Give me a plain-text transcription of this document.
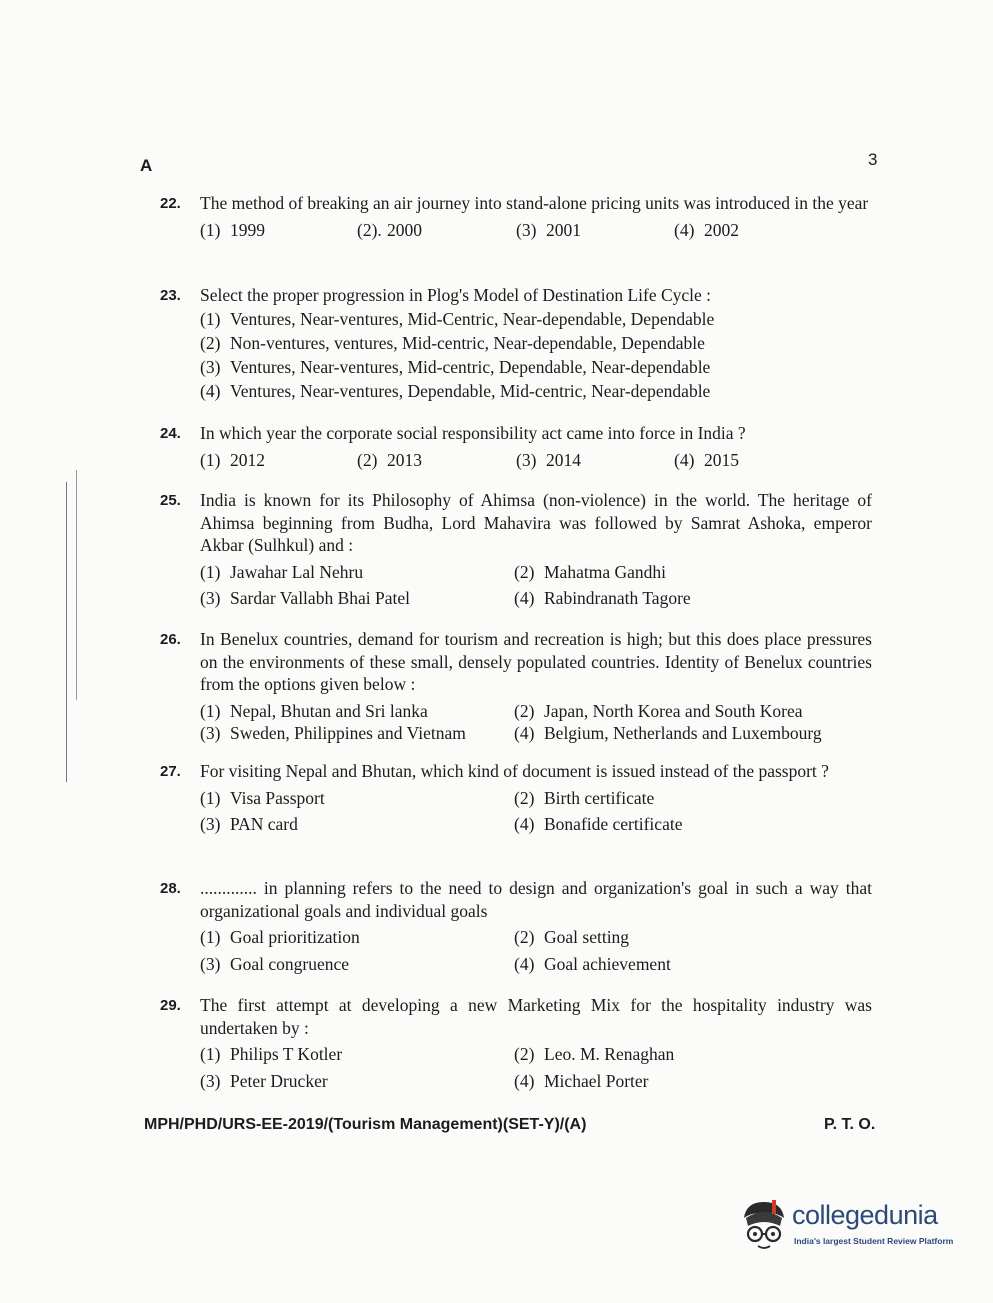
A	3
22. The method of breaking an air journey into stand-alone pricing units was introduced in the year
(1) 1999	(2). 2000	(3) 2001	(4) 2002
23. Select the proper progression in Plog's Model of Destination Life Cycle :
(1) Ventures, Near-ventures, Mid-Centric, Near-dependable, Dependable
(2) Non-ventures, ventures, Mid-centric, Near-dependable, Dependable
(3) Ventures, Near-ventures, Mid-centric, Dependable, Near-dependable
(4) Ventures, Near-ventures, Dependable, Mid-centric, Near-dependable
24. In which year the corporate social responsibility act came into force in India ?
(1) 2012	(2) 2013	(3) 2014	(4) 2015
25. India is known for its Philosophy of Ahimsa (non-violence) in the world. The heritage of Ahimsa beginning from Budha, Lord Mahavira was followed by Samrat Ashoka, emperor Akbar (Sulhkul) and :
(1) Jawahar Lal Nehru	(2) Mahatma Gandhi
(3) Sardar Vallabh Bhai Patel	(4) Rabindranath Tagore
26. In Benelux countries, demand for tourism and recreation is high; but this does place pressures on the environments of these small, densely populated countries. Identity of Benelux countries from the options given below :
(1) Nepal, Bhutan and Sri lanka	(2) Japan, North Korea and South Korea
(3) Sweden, Philippines and Vietnam	(4) Belgium, Netherlands and Luxembourg
27. For visiting Nepal and Bhutan, which kind of document is issued instead of the passport ?
(1) Visa Passport	(2) Birth certificate
(3) PAN card	(4) Bonafide certificate
28. ............. in planning refers to the need to design and organization's goal in such a way that organizational goals and individual goals
(1) Goal prioritization	(2) Goal setting
(3) Goal congruence	(4) Goal achievement
29. The first attempt at developing a new Marketing Mix for the hospitality industry was undertaken by :
(1) Philips T Kotler	(2) Leo. M. Renaghan
(3) Peter Drucker	(4) Michael Porter
MPH/PHD/URS-EE-2019/(Tourism Management)(SET-Y)/(A)	P. T. O.
collegedunia
India's largest Student Review Platform
